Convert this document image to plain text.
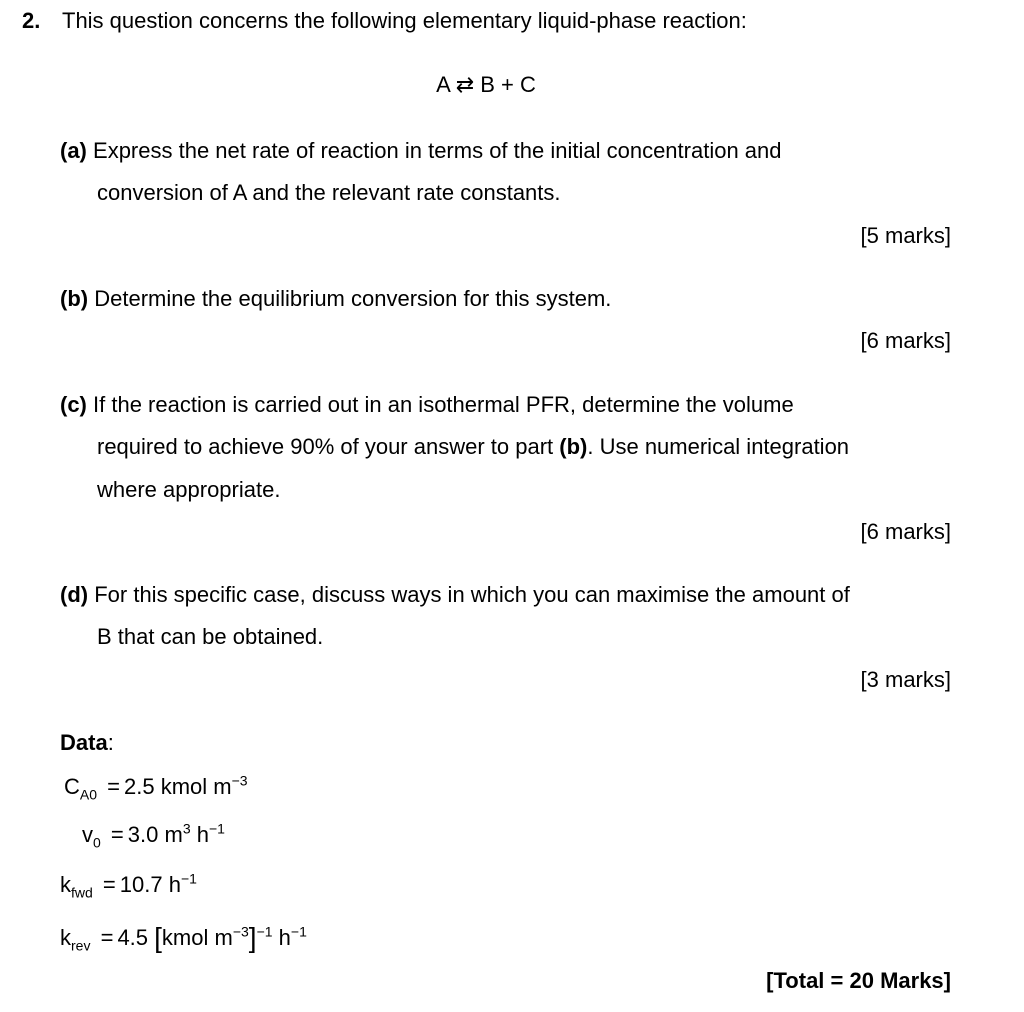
2. This question concerns the following elementary liquid-phase reaction:
A ⇄ B + C
(a) Express the net rate of reaction in terms of the initial concentration and
conversion of A and the relevant rate constants.
[5 marks]
(b) Determine the equilibrium conversion for this system.
[6 marks]
(c) If the reaction is carried out in an isothermal PFR, determine the volume
required to achieve 90% of your answer to part (b). Use numerical integration
where appropriate.
[6 marks]
(d) For this specific case, discuss ways in which you can maximise the amount of
B that can be obtained.
[3 marks]
Data:
$C_{A0} = 2.5$ kmol $m^{-3}$
$v_0 = 3.0$ $m^3$ $h^{-1}$
$k_{fwd} = 10.7$ $h^{-1}$
$k_{rev} = 4.5$ [kmol $m^{-3}]^{-1}$ $h^{-1}$
[Total = 20 Marks]
